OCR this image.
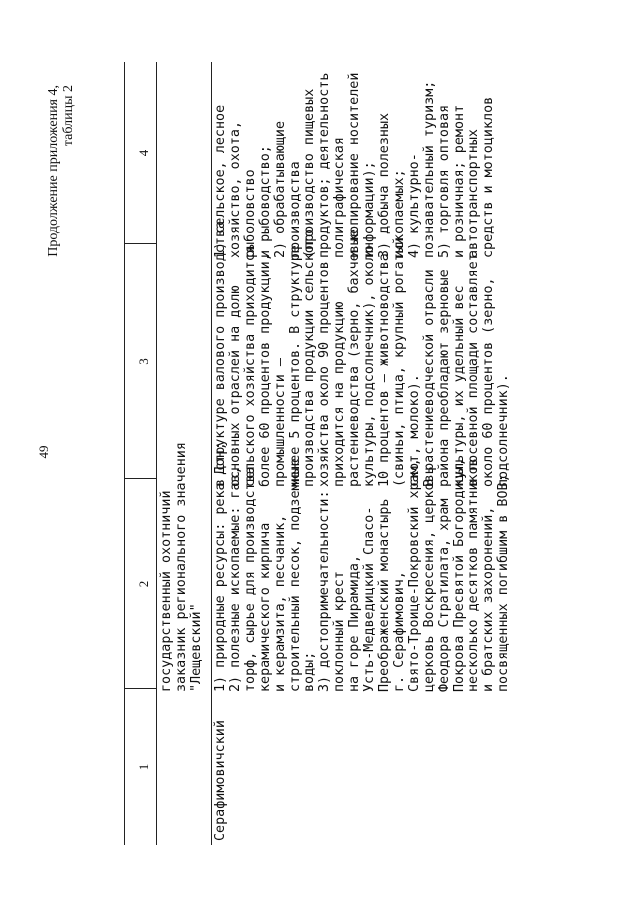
49
Продолжение приложения 4, таблицы 2
1
2
3
4
государственный охотничий
заказник регионального значения
"Лещевский"
Серафимовичский
1) природные ресурсы: река Дон;
2) полезные ископаемые: газ,
торф, сырье для производства
керамического кирпича
и керамзита, песчаник,
строительный песок, подземные
воды;
3) достопримечательности:
поклонный крест
на горе Пирамида,
Усть-Медведицкий Спасо-
Преображенский монастырь
г. Серафимович,
Свято-Троице-Покровский храм,
церковь Воскресения, церковь
Феодора Стратилата, храм
Покрова Пресвятой Богородицы,
несколько десятков памятников
и братских захоронений,
посвященных погибшим в ВОВ;
в структуре валового производства
основных отраслей на долю
сельского хозяйства приходится
более 60 процентов продукции,
промышленности –
менее 5 процентов. В структуре
производства продукции сельского
хозяйства около 90 процентов
приходится на продукцию
растениеводства (зерно, бахчевые
культуры, подсолнечник), около
10 процентов – животноводства
(свиньи, птица, крупный рогатый
скот, молоко).
В растениеводческой отрасли
района преобладают зерновые
культуры, их удельный вес
в посевной площади составляет
около 60 процентов (зерно,
подсолнечник).
1) сельское, лесное
хозяйство, охота,
рыболовство
и рыбоводство;
2) обрабатывающие
производства
(производство пищевых
продуктов; деятельность
полиграфическая
и копирование носителей
информации);
3) добыча полезных
ископаемых;
4) культурно-
познавательный туризм;
5) торговля оптовая
и розничная; ремонт
автотранспортных
средств и мотоциклов
